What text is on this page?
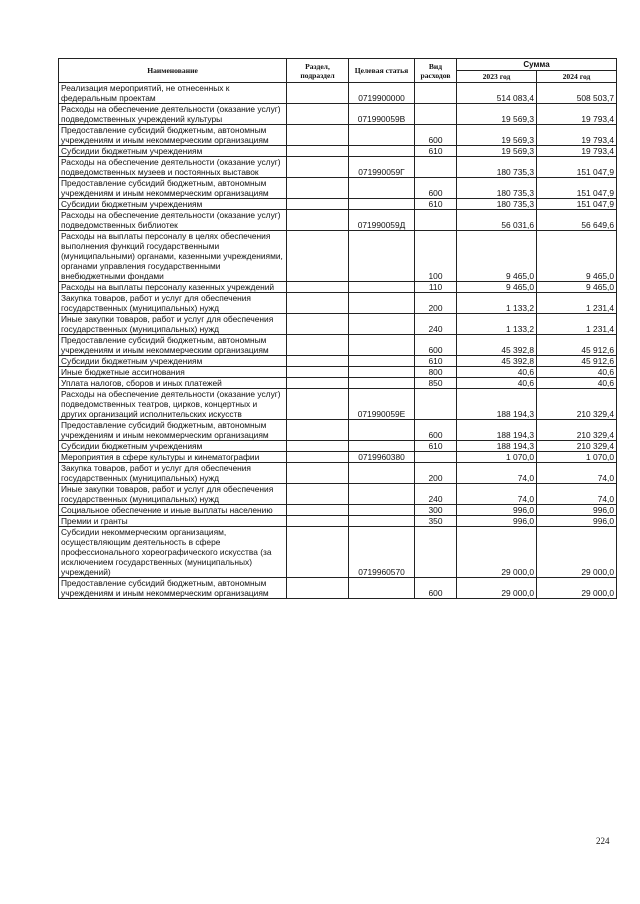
Наименование	Раздел, подраздел	Целевая статья	Вид расходов	Сумма	
				2023 год	2024 год
Реализация мероприятий, не отнесенных к федеральным проектам		0719900000		514 083,4	508 503,7
Расходы на обеспечение деятельности (оказание услуг) подведомственных учреждений культуры		071990059В		19 569,3	19 793,4
Предоставление субсидий бюджетным, автономным учреждениям и иным некоммерческим организациям			600	19 569,3	19 793,4
Субсидии бюджетным учреждениям			610	19 569,3	19 793,4
Расходы на обеспечение деятельности (оказание услуг) подведомственных музеев и постоянных выставок		071990059Г		180 735,3	151 047,9
Предоставление субсидий бюджетным, автономным учреждениям и иным некоммерческим организациям			600	180 735,3	151 047,9
Субсидии бюджетным учреждениям			610	180 735,3	151 047,9
Расходы на обеспечение деятельности (оказание услуг) подведомственных библиотек		071990059Д		56 031,6	56 649,6
Расходы на выплаты персоналу в целях обеспечения выполнения функций государственными (муниципальными) органами, казенными учреждениями, органами управления государственными внебюджетными фондами			100	9 465,0	9 465,0
Расходы на выплаты персоналу казенных учреждений			110	9 465,0	9 465,0
Закупка товаров, работ и услуг для обеспечения государственных (муниципальных) нужд			200	1 133,2	1 231,4
Иные закупки товаров, работ и услуг для обеспечения государственных (муниципальных) нужд			240	1 133,2	1 231,4
Предоставление субсидий бюджетным, автономным учреждениям и иным некоммерческим организациям			600	45 392,8	45 912,6
Субсидии бюджетным учреждениям			610	45 392,8	45 912,6
Иные бюджетные ассигнования			800	40,6	40,6
Уплата налогов, сборов и иных платежей			850	40,6	40,6
Расходы на обеспечение деятельности (оказание услуг) подведомственных театров, цирков, концертных и других организаций исполнительских искусств		071990059Е		188 194,3	210 329,4
Предоставление субсидий бюджетным, автономным учреждениям и иным некоммерческим организациям			600	188 194,3	210 329,4
Субсидии бюджетным учреждениям			610	188 194,3	210 329,4
Мероприятия в сфере культуры и кинематографии		0719960380		1 070,0	1 070,0
Закупка товаров, работ и услуг для обеспечения государственных (муниципальных) нужд			200	74,0	74,0
Иные закупки товаров, работ и услуг для обеспечения государственных (муниципальных) нужд			240	74,0	74,0
Социальное обеспечение и иные выплаты населению			300	996,0	996,0
Премии и гранты			350	996,0	996,0
Субсидии некоммерческим организациям, осуществляющим деятельность в сфере профессионального хореографического искусства (за исключением государственных (муниципальных) учреждений)		0719960570		29 000,0	29 000,0
Предоставление субсидий бюджетным, автономным учреждениям и иным некоммерческим организациям			600	29 000,0	29 000,0
224
